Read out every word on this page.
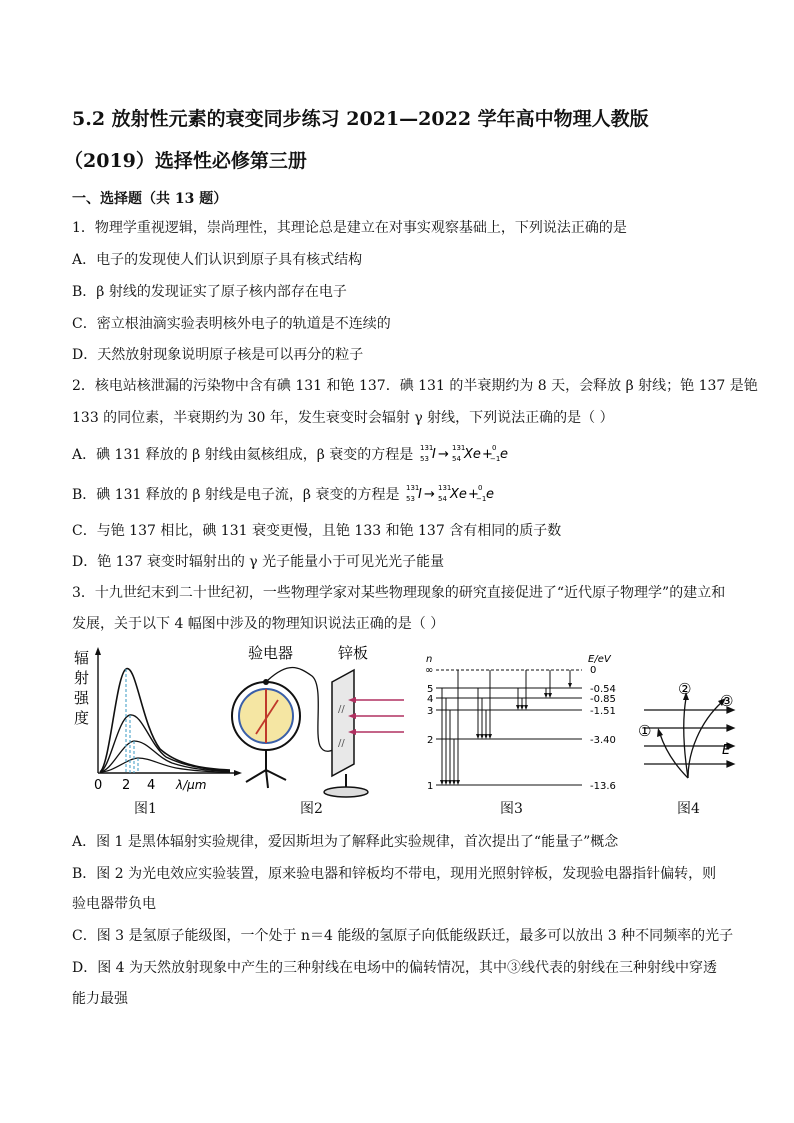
5.2 放射性元素的衰变同步练习 2021—2022 学年高中物理人教版
（2019）选择性必修第三册
一、选择题（共 13 题）
1．物理学重视逻辑，崇尚理性，其理论总是建立在对事实观察基础上，下列说法正确的是
A．电子的发现使人们认识到原子具有核式结构
B．β 射线的发现证实了原子核内部存在电子
C．密立根油滴实验表明核外电子的轨道是不连续的
D．天然放射现象说明原子核是可以再分的粒子
2．核电站核泄漏的污染物中含有碘 131 和铯 137．碘 131 的半衰期约为 8 天，会释放 β 射线；铯 137 是铯
133 的同位素，半衰期约为 30 年，发生衰变时会辐射 γ 射线，下列说法正确的是（ ）
A．碘 131 释放的 β 射线由氦核组成，β 衰变的方程是 131
53 I → 131
54 Xe + 0
−1 e
B．碘 131 释放的 β 射线是电子流，β 衰变的方程是 131
53 I → 131
54 Xe + 0
−1 e
C．与铯 137 相比，碘 131 衰变更慢，且铯 133 和铯 137 含有相同的质子数
D．铯 137 衰变时辐射出的 γ 光子能量小于可见光光子能量
3．十九世纪末到二十世纪初，一些物理学家对某些物理现象的研究直接促进了“近代原子物理学”的建立和
发展，关于以下 4 幅图中涉及的物理知识说法正确的是（ ）
辐
射
强
度
0 2 4 λ/μm
图1
验电器	锌板
//
//
图2
n	E/eV
∞	0
5	-0.54
4	-0.85
3	-1.51
2	-3.40
1	-13.6
图3
①
②
③
E
图4
A．图 1 是黑体辐射实验规律，爱因斯坦为了解释此实验规律，首次提出了“能量子”概念
B．图 2 为光电效应实验装置，原来验电器和锌板均不带电，现用光照射锌板，发现验电器指针偏转，则
验电器带负电
C．图 3 是氢原子能级图，一个处于 n＝4 能级的氢原子向低能级跃迁，最多可以放出 3 种不同频率的光子
D．图 4 为天然放射现象中产生的三种射线在电场中的偏转情况，其中③线代表的射线在三种射线中穿透
能力最强
